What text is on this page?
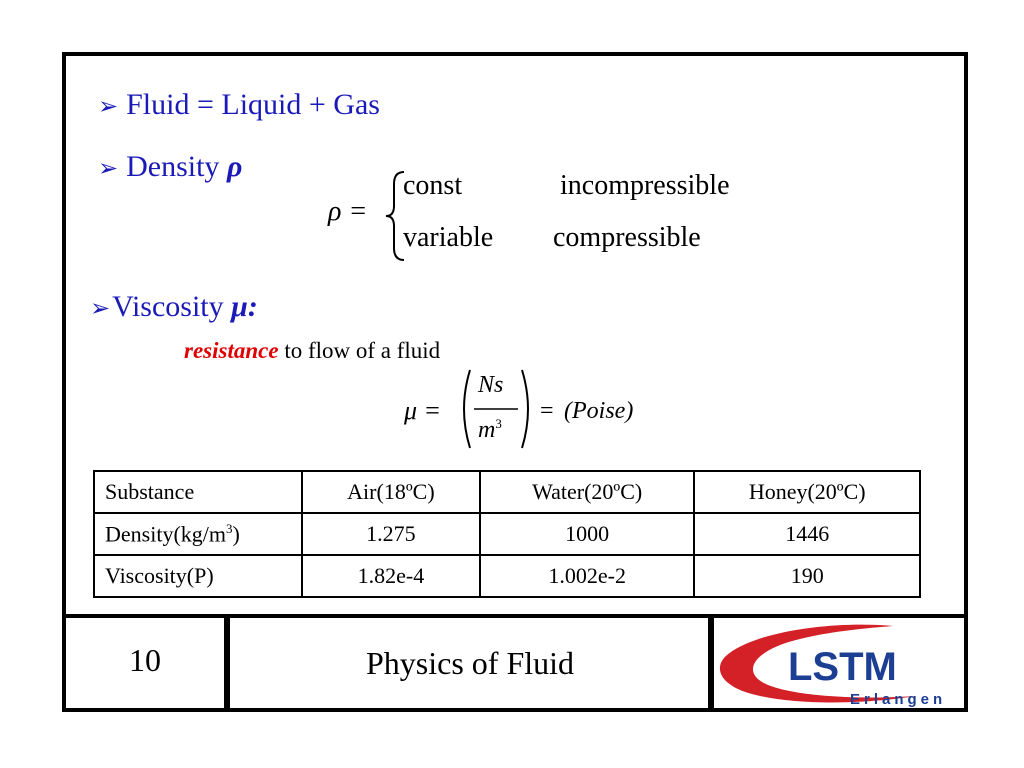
➢ Fluid = Liquid + Gas
➢ Density ρ
ρ =
const	incompressible
variable compressible
➢Viscosity μ:
resistance to flow of a fluid
μ =
Ns
$m^3$ = (Poise)
Substance	Air(18ºC)	Water(20ºC)	Honey(20ºC)
$Density(kg/m^3)$	1.275	1000	1446
Viscosity(P)	1.82e-4	1.002e-2	190
10	Physics of Fluid	LSTM
Erlangen
